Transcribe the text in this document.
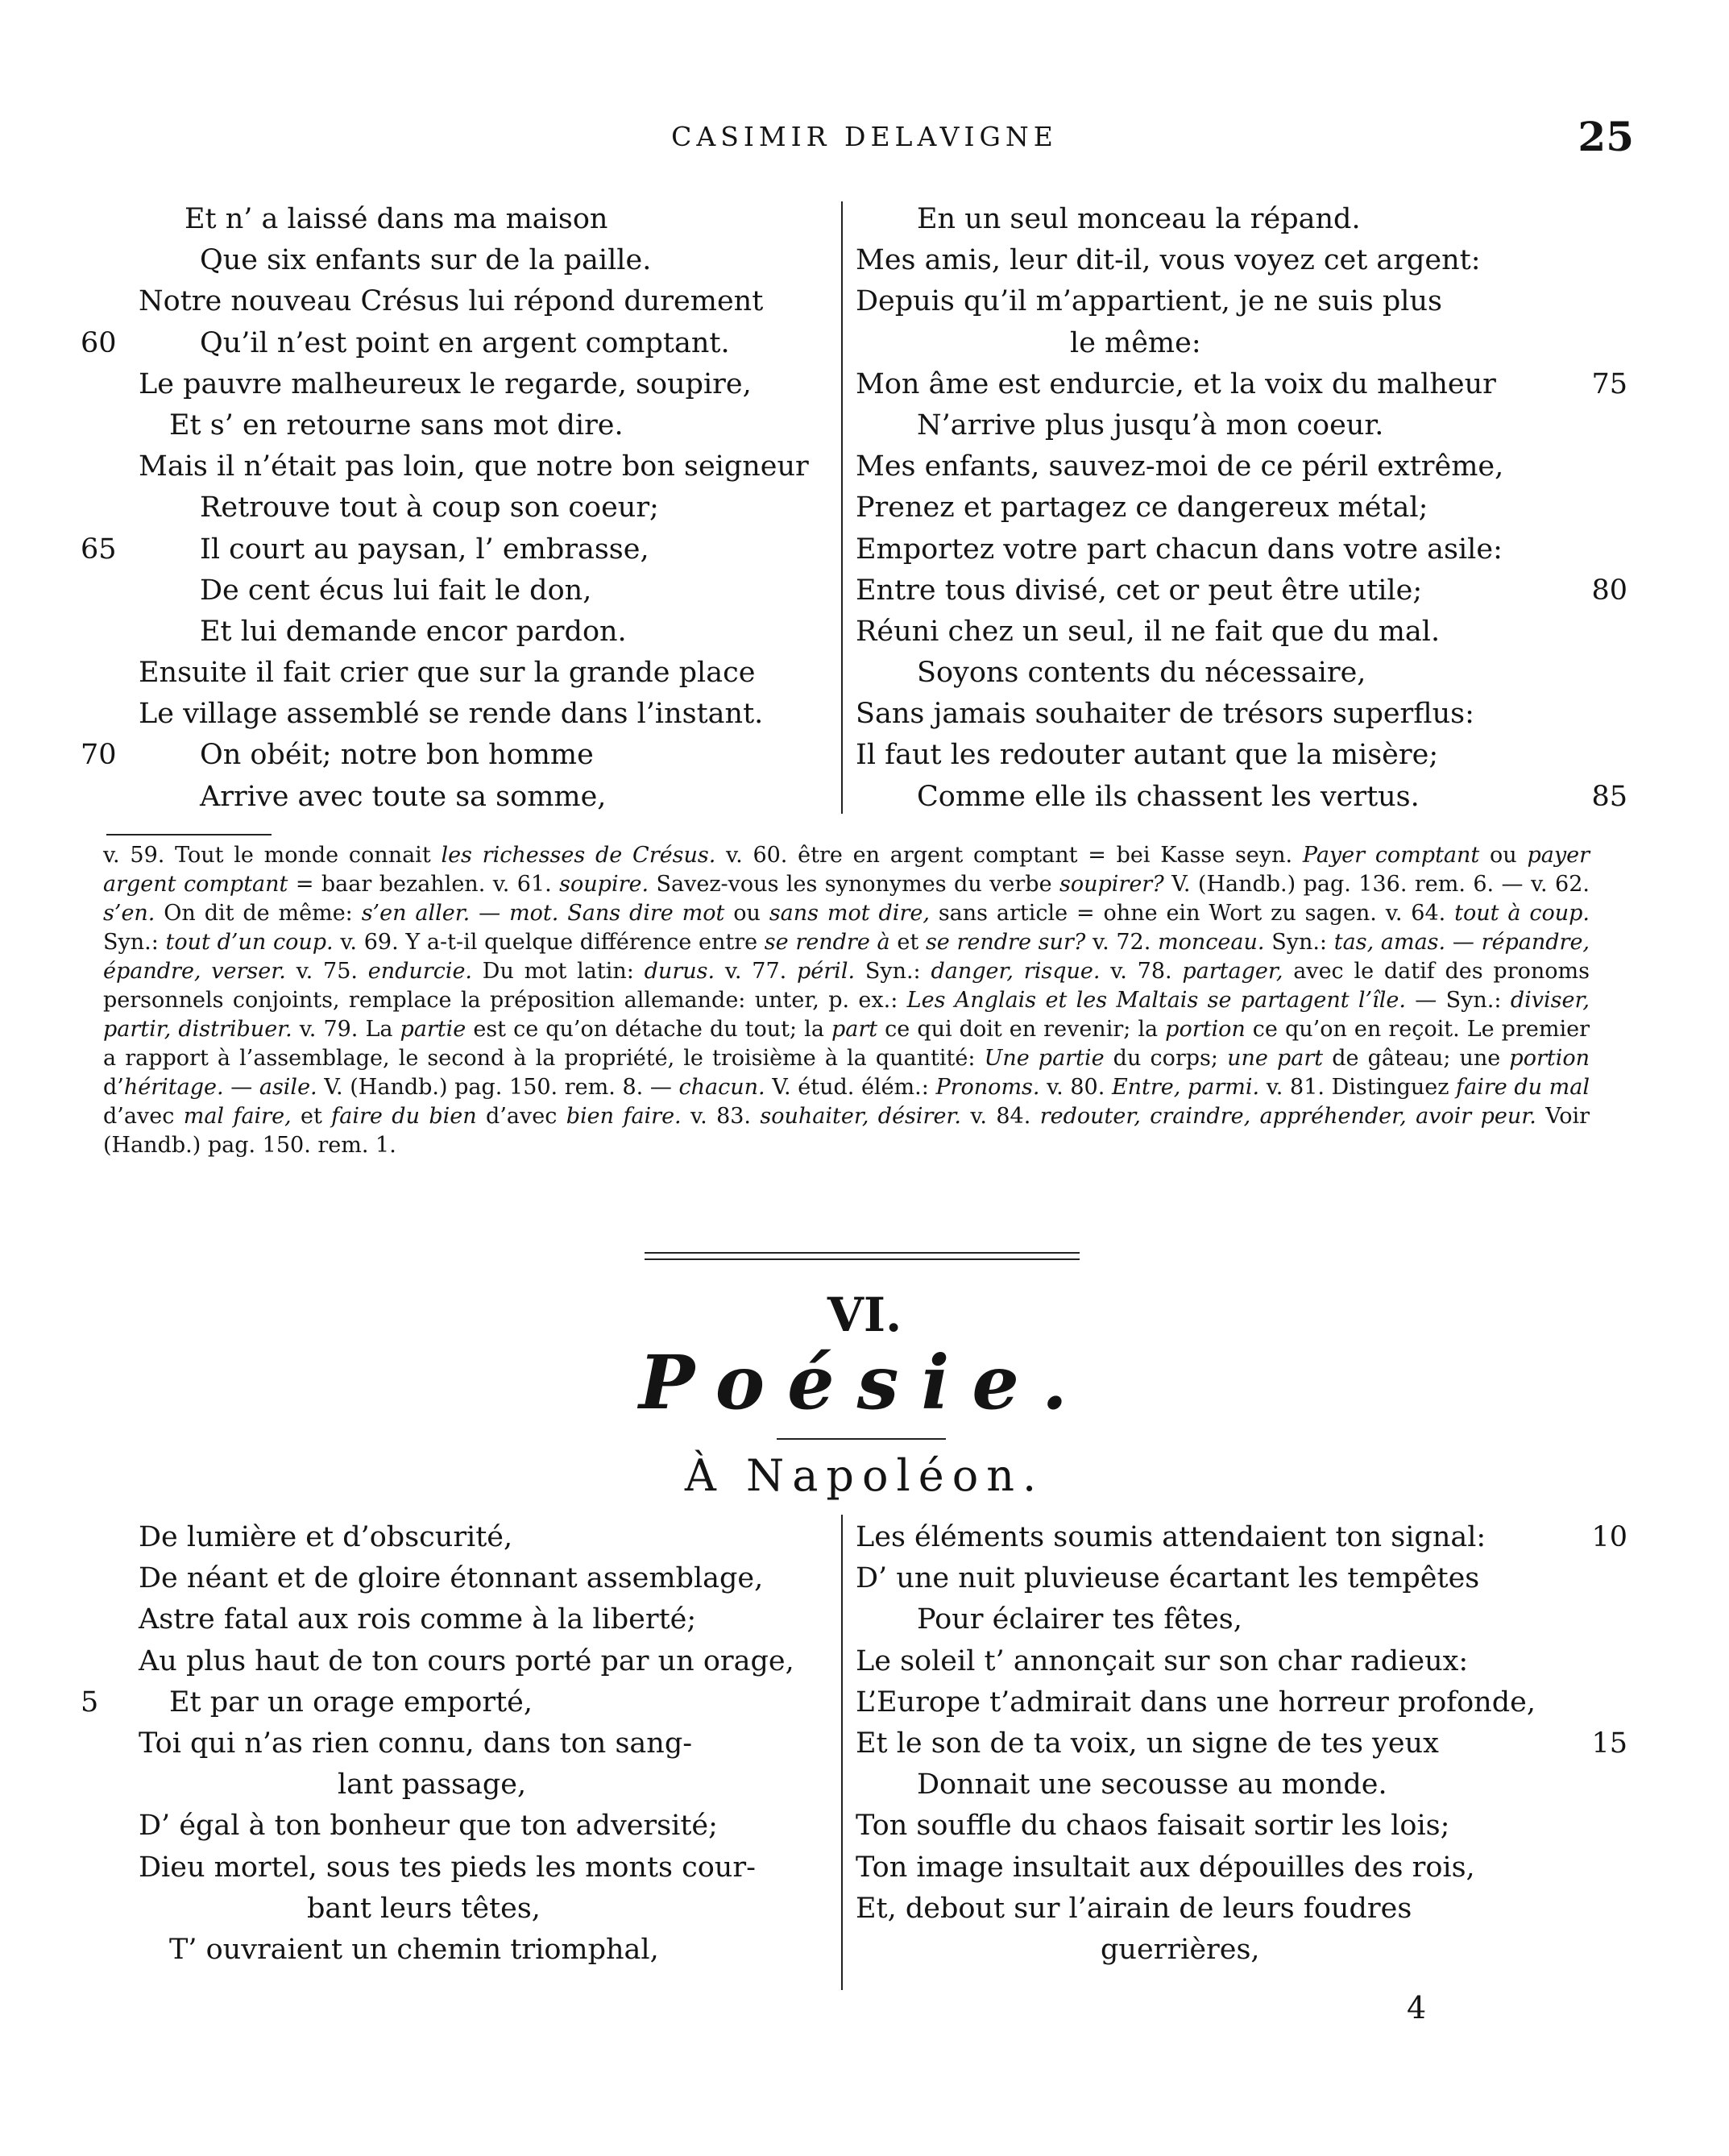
CASIMIR DELAVIGNE	25
Et n’ a laissé dans ma maison
Que six enfants sur de la paille.
Notre nouveau Crésus lui répond durement
60	Qu’il n’est point en argent comptant.
Le pauvre malheureux le regarde, soupire,
Et s’ en retourne sans mot dire.
Mais il n’était pas loin, que notre bon seigneur
Retrouve tout à coup son coeur;
65	Il court au paysan, l’ embrasse,
De cent écus lui fait le don,
Et lui demande encor pardon.
Ensuite il fait crier que sur la grande place
Le village assemblé se rende dans l’instant.
70	On obéit; notre bon homme
Arrive avec toute sa somme,
En un seul monceau la répand.
Mes amis, leur dit-il, vous voyez cet argent:
Depuis qu’il m’appartient, je ne suis plus
le même:
75
Mon âme est endurcie, et la voix du malheur
N’arrive plus jusqu’à mon coeur.
Mes enfants, sauvez-moi de ce péril extrême,
Prenez et partagez ce dangereux métal;
Emportez votre part chacun dans votre asile:
80
Entre tous divisé, cet or peut être utile;
Réuni chez un seul, il ne fait que du mal.
Soyons contents du nécessaire,
Sans jamais souhaiter de trésors superflus:
Il faut les redouter autant que la misère;
85
Comme elle ils chassent les vertus.

v. 59. Tout le monde connait les richesses de Crésus. v. 60. être en argent comptant = bei Kasse seyn. Payer comptant ou payer argent comptant = baar bezahlen. v. 61. soupire. Savez-vous les synonymes du verbe soupirer? V. (Handb.) pag. 136. rem. 6. — v. 62. s’en. On dit de même: s’en aller. — mot. Sans dire mot ou sans mot dire, sans article = ohne ein Wort zu sagen. v. 64. tout à coup. Syn.: tout d’un coup. v. 69. Y a-t-il quelque différence entre se rendre à et se rendre sur? v. 72. monceau. Syn.: tas, amas. — répandre, épandre, verser. v. 75. endurcie. Du mot latin: durus. v. 77. péril. Syn.: danger, risque. v. 78. partager, avec le datif des pronoms personnels conjoints, remplace la préposition allemande: unter, p. ex.: Les Anglais et les Maltais se partagent l’île. — Syn.: diviser, partir, distribuer. v. 79. La partie est ce qu’on détache du tout; la part ce qui doit en revenir; la portion ce qu’on en reçoit. Le premier a rapport à l’assemblage, le second à la propriété, le troisième à la quantité: Une partie du corps; une part de gâteau; une portion d’héritage. — asile. V. (Handb.) pag. 150. rem. 8. — chacun. V. étud. élém.: Pronoms. v. 80. Entre, parmi. v. 81. Distinguez faire du mal d’avec mal faire, et faire du bien d’avec bien faire. v. 83. souhaiter, désirer. v. 84. redouter, craindre, appréhender, avoir peur. Voir (Handb.) pag. 150. rem. 1.

VI.
Poésie.
À Napoléon.
De lumière et d’obscurité,
De néant et de gloire étonnant assemblage,
Astre fatal aux rois comme à la liberté;
Au plus haut de ton cours porté par un orage,
5	Et par un orage emporté,
Toi qui n’as rien connu, dans ton sang-
lant passage,
D’ égal à ton bonheur que ton adversité;
Dieu mortel, sous tes pieds les monts cour-
bant leurs têtes,
T’ ouvraient un chemin triomphal,
10
Les éléments soumis attendaient ton signal:
D’ une nuit pluvieuse écartant les tempêtes
Pour éclairer tes fêtes,
Le soleil t’ annonçait sur son char radieux:
L’Europe t’admirait dans une horreur profonde,
15
Et le son de ta voix, un signe de tes yeux
Donnait une secousse au monde.
Ton souffle du chaos faisait sortir les lois;
Ton image insultait aux dépouilles des rois,
Et, debout sur l’airain de leurs foudres
guerrières,
4
